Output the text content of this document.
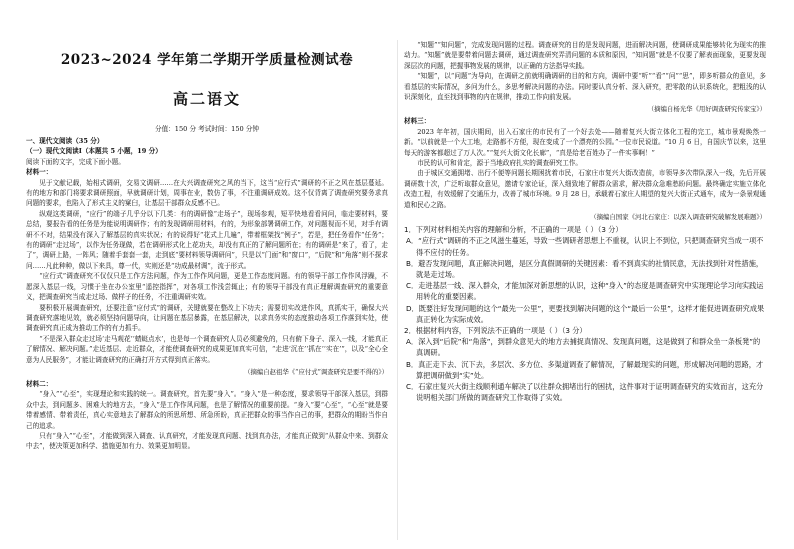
2023~2024 学年第二学期开学质量检测试卷
高二语文
分值：150 分 考试时间：150 分钟

一、现代文阅读（35 分）

（一）现代文阅读Ⅰ（本题共 5 小题，19 分）

阅读下面的文字，完成下面小题。

材料一：

见于文献记载，始相式调研，交易文调研……在大兴调查研究之风的当下，这当“应行式”调研的不正之风在基层蔓延。有的地方和部门将要求调研照面，早就调研计划，周事在业，数仿了事，不注重调研成效。这不仅背离了调查研究要务求真问题的要求，也陷入了形式主义的窠臼，让基层干部群众反感不已。

纵观这类调研，“应行”的端子几乎分以下几类：有的调研像“走场子”，现场参观，短平快地看看问问，临走要材料，要总结，要报告看的任务是为能说明调研作；有的发现调研用材料，有的，为形象部署调研工作，对问题视而不见，对手有调研不不对，结果没有深入了解基层的真实状况；有的说得好“花式上几遍”，带着框架找“例子”，若是，把任务看作“任务”；有的调研“走过场”，以作为任务现做，若在调研形式化上花功夫，却没有真正的了解问题所在；有的调研是“来了，看了，走了”，调研上路，一阵风；随着手套套一套，走到底“要材料领导调研问”，只是以“门面”和“窗口”，“后院”和“角落”则不探求问……凡此种种，做以下来具，尊一代，实则还是“功成最材调”，流于形式。

“应行式”调查研究不仅仅只是工作方法问题，作为工作作风问题，更是工作态度问题。有的领导干部工作作风浮躁，不愿深入基层一线，习惯于坐在办公室里“遥控指挥”，对各项工作浅尝辄止；有的领导干部没有真正理解调查研究的重要意义，把调查研究当成走过场、做样子的任务，不注重调研实效。

要积极开展调查研究，还要注意“应付式”的调研，关键就要在整改上下功夫；需要切实改进作风，真抓实干，确保大兴调查研究落地见效，就必须坚持问题导向，让问题在基层暴露，在基层解决，以求真务实的态度推动各项工作落到实处，使调查研究真正成为推动工作的有力抓手。

“不是深入群众走过场‘走马观花’‘蜻蜓点水’，也是每一个调查研究人员必须避免的，只有俯下身子、深入一线，才能真正了解情况、解决问题。”走近基层、走近群众，才能使调查研究的成果更加真实可信，“走进‘沉在’‘抓在’‘实在’”，以及“全心全意为人民服务”，才能让调查研究的正确打开方式得到真正落实。

（摘编自赵祖华《“应付式”调查研究是要不得的》）

材料二：

“身入”“心至”，实现理论和实践的统一。调查研究，首先要“身入”。“身入”是一种态度，要求领导干部深入基层，到群众中去，到问题多、困难大的地方去，“身入”是工作作风问题，也是了解情况的重要前提。“身入”要“心至”，“心至”就是要带着感情、带着责任，真心实意地去了解群众的所思所想、所急所盼，真正把群众的事当作自己的事，把群众的期盼当作自己的追求。

只有“身入”“心至”，才能做到深入调查、认真研究，才能发现真问题、找到真办法，才能真正做到“从群众中来、到群众中去”，使决策更加科学、措施更加有力、效果更加明显。

“知题”“知问题”，完成发现问题的过程。调查研究的目的是发现问题，进而解决问题，使调研成果能够转化为现实的推动力。“知题”就是要带着问题去调研，通过调查研究弄清问题的本质和原因，“知问题”就是不仅要了解表面现象，更要发现深层次的问题，把握事物发展的规律，以正确的方法指导实践。

“知题”，以“问题”为导向，在调研之前就明确调研的目的和方向，调研中要“听”“看”“问”“思”，即多听群众的意见，多看基层的实际情况，多问为什么，多思考解决问题的办法。同时要认真分析、深入研究，把零散的认识系统化，把粗浅的认识深刻化，直至找到事物的内在规律，推动工作向前发展。

（摘编自杨光华《用好调查研究传家宝》）

材料三：

2023 年年初，国庆期间，出入石家庄的市民有了一个好去处——随着复兴大街立体化工程的完工，城市景观焕然一新。“以前就是一个大工地，走路都不方便，现在变成了一个漂亮的公园。”一位市民说道。“10 月 6 日，自国庆节以来，这里每天的游客都超过了万人次。”“复兴大街文化长廊”，“真是给老百姓办了一件实事啊！”

市民的认可和肯定，源于当地政府扎实的调查研究工作。

由于城区交通拥堵、出行不便等问题长期困扰着市民，石家庄市复兴大街改造前，市领导多次带队深入一线，先后开展调研数十次，广泛听取群众意见，邀请专家论证，深入细致地了解群众需求，解决群众急难愁盼问题。最终确定实施立体化改造工程，有效缓解了交通压力，改善了城市环境。9 月 28 日，承载着石家庄人期望的复兴大街正式通车，成为一条景观通道和民心之路。

（摘编自国家《河北石家庄：以深入调查研究破解发展难题》）

1．下列对材料相关内容的理解和分析，不正确的一项是（ ）（3 分）

A．“应行式”调研的不正之风滋生蔓延，导致一些调研者思想上不重视，认识上不到位，只把调查研究当成一项不得不应付的任务。

B．避否发现问题，真正解决问题，是区分真假调研的关键因素：看不到真实的社情民意，无法找到针对性措施，就是走过场。

C．走进基层一线、深入群众，才能加深对新思想的认识，这种“身入”的态度是调查研究中实现理论学习向实践运用转化的重要因素。

D．既要注好发现问题的这个“最先一公里”，更要找到解决问题的这个“最后一公里”，这样才能促进调查研究成果真正转化为实际成效。

2．根据材料内容，下列说法不正确的一项是（ ）（3 分）

A．深入到“后院”和“角落”，到群众意见大的地方去捕捉真情况、发现真问题，这是做到了和群众坐一条板凳”的真调研。

B．真正走下去、沉下去，多层次、多方位、多渠道调查了解情况，了解最现实的问题，形成解决问题的思路，才算把调研做到“实”处。

C．石家庄复兴大街主线顺利通车解决了以往群众拥堵出行的困扰，这件事对于证明调查研究的实效而言，这充分说明相关部门所做的调查研究工作取得了实效。
